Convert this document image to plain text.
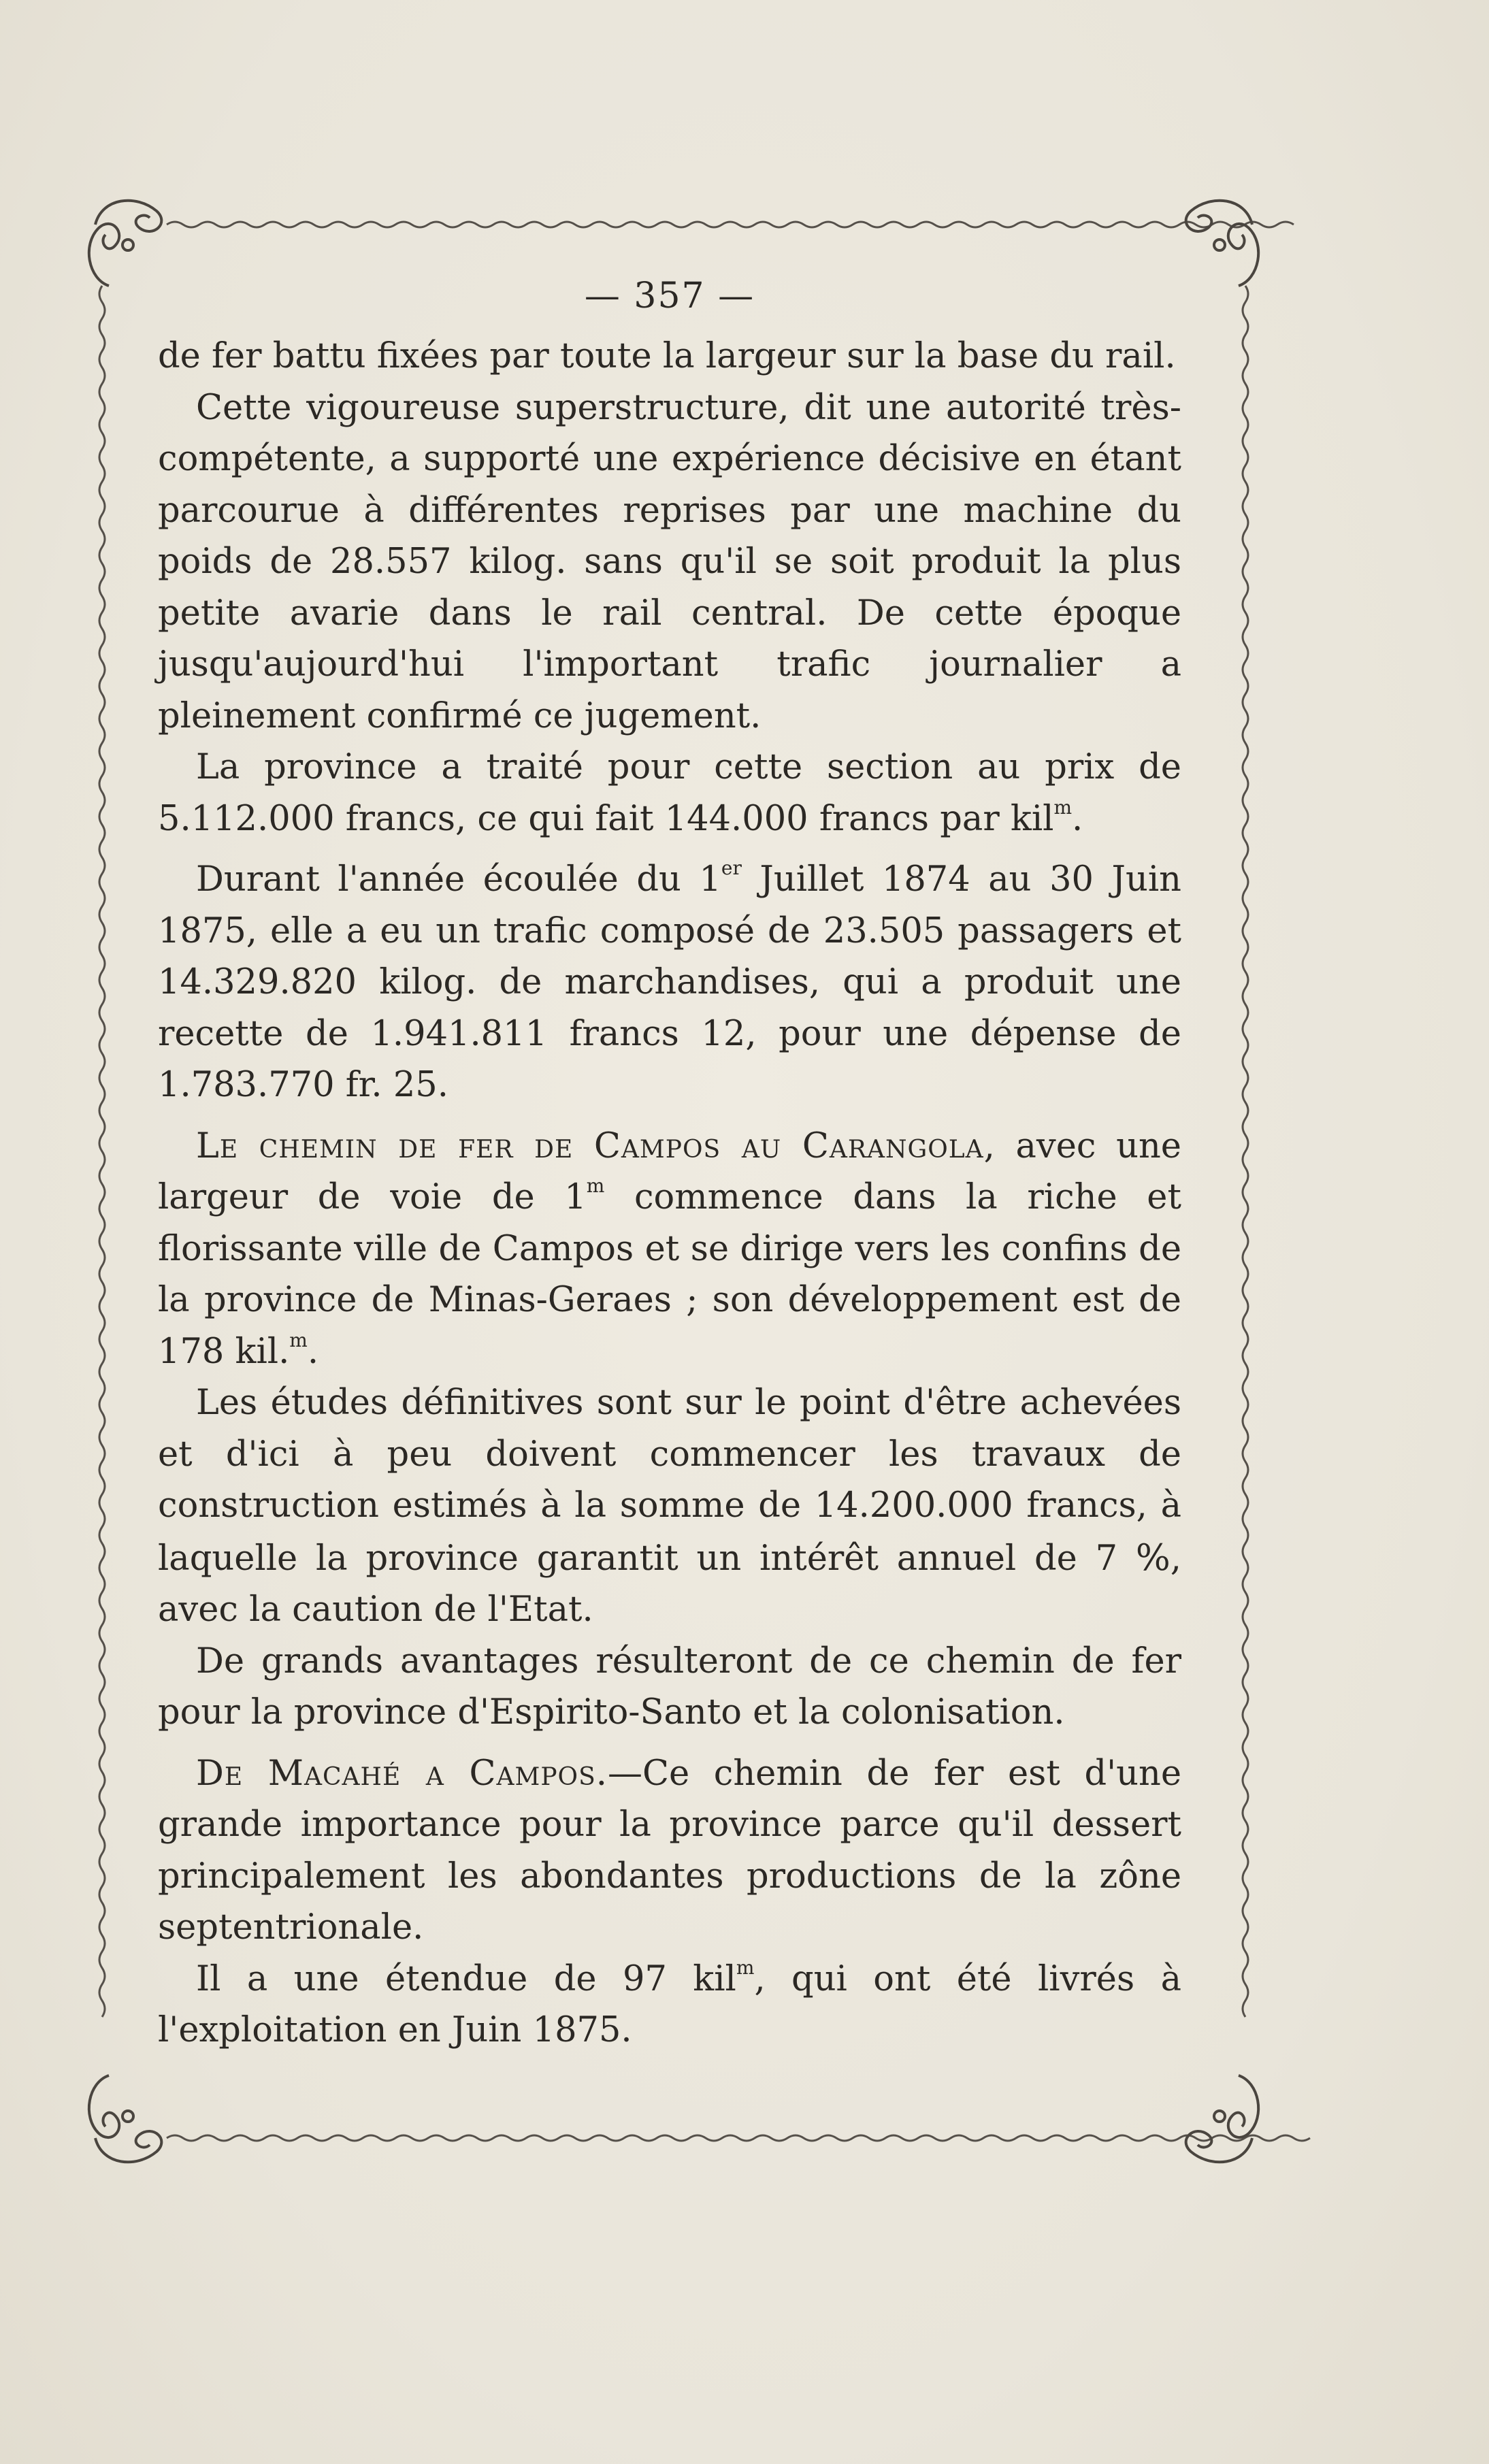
— 357 —

de fer battu fixées par toute la largeur sur la base du rail.

Cette vigoureuse superstructure, dit une autorité très-compétente, a supporté une expérience décisive en étant parcourue à différentes reprises par une machine du poids de 28.557 kilog. sans qu'il se soit produit la plus petite avarie dans le rail central. De cette époque jusqu'aujourd'hui l'important trafic journalier a pleinement confirmé ce jugement.

La province a traité pour cette section au prix de 5.112.000 francs, ce qui fait 144.000 francs par kil$^m$.

Durant l'année écoulée du 1er Juillet 1874 au 30 Juin 1875, elle a eu un trafic composé de 23.505 passagers et 14.329.820 kilog. de marchandises, qui a produit une recette de 1.941.811 francs 12, pour une dépense de 1.783.770 fr. 25.

Le chemin de fer de Campos au Carangola, avec une largeur de voie de 1$^m$ commence dans la riche et florissante ville de Campos et se dirige vers les confins de la province de Minas-Geraes ; son développement est de 178 kil.$^m$.

Les études définitives sont sur le point d'être achevées et d'ici à peu doivent commencer les travaux de construction estimés à la somme de 14.200.000 francs, à laquelle la province garantit un intérêt annuel de 7 %, avec la caution de l'Etat.

De grands avantages résulteront de ce chemin de fer pour la province d'Espirito-Santo et la colonisation.

De Macahé a Campos.—Ce chemin de fer est d'une grande importance pour la province parce qu'il dessert principalement les abondantes productions de la zône septentrionale.

Il a une étendue de 97 kil$^m$, qui ont été livrés à l'exploitation en Juin 1875.
